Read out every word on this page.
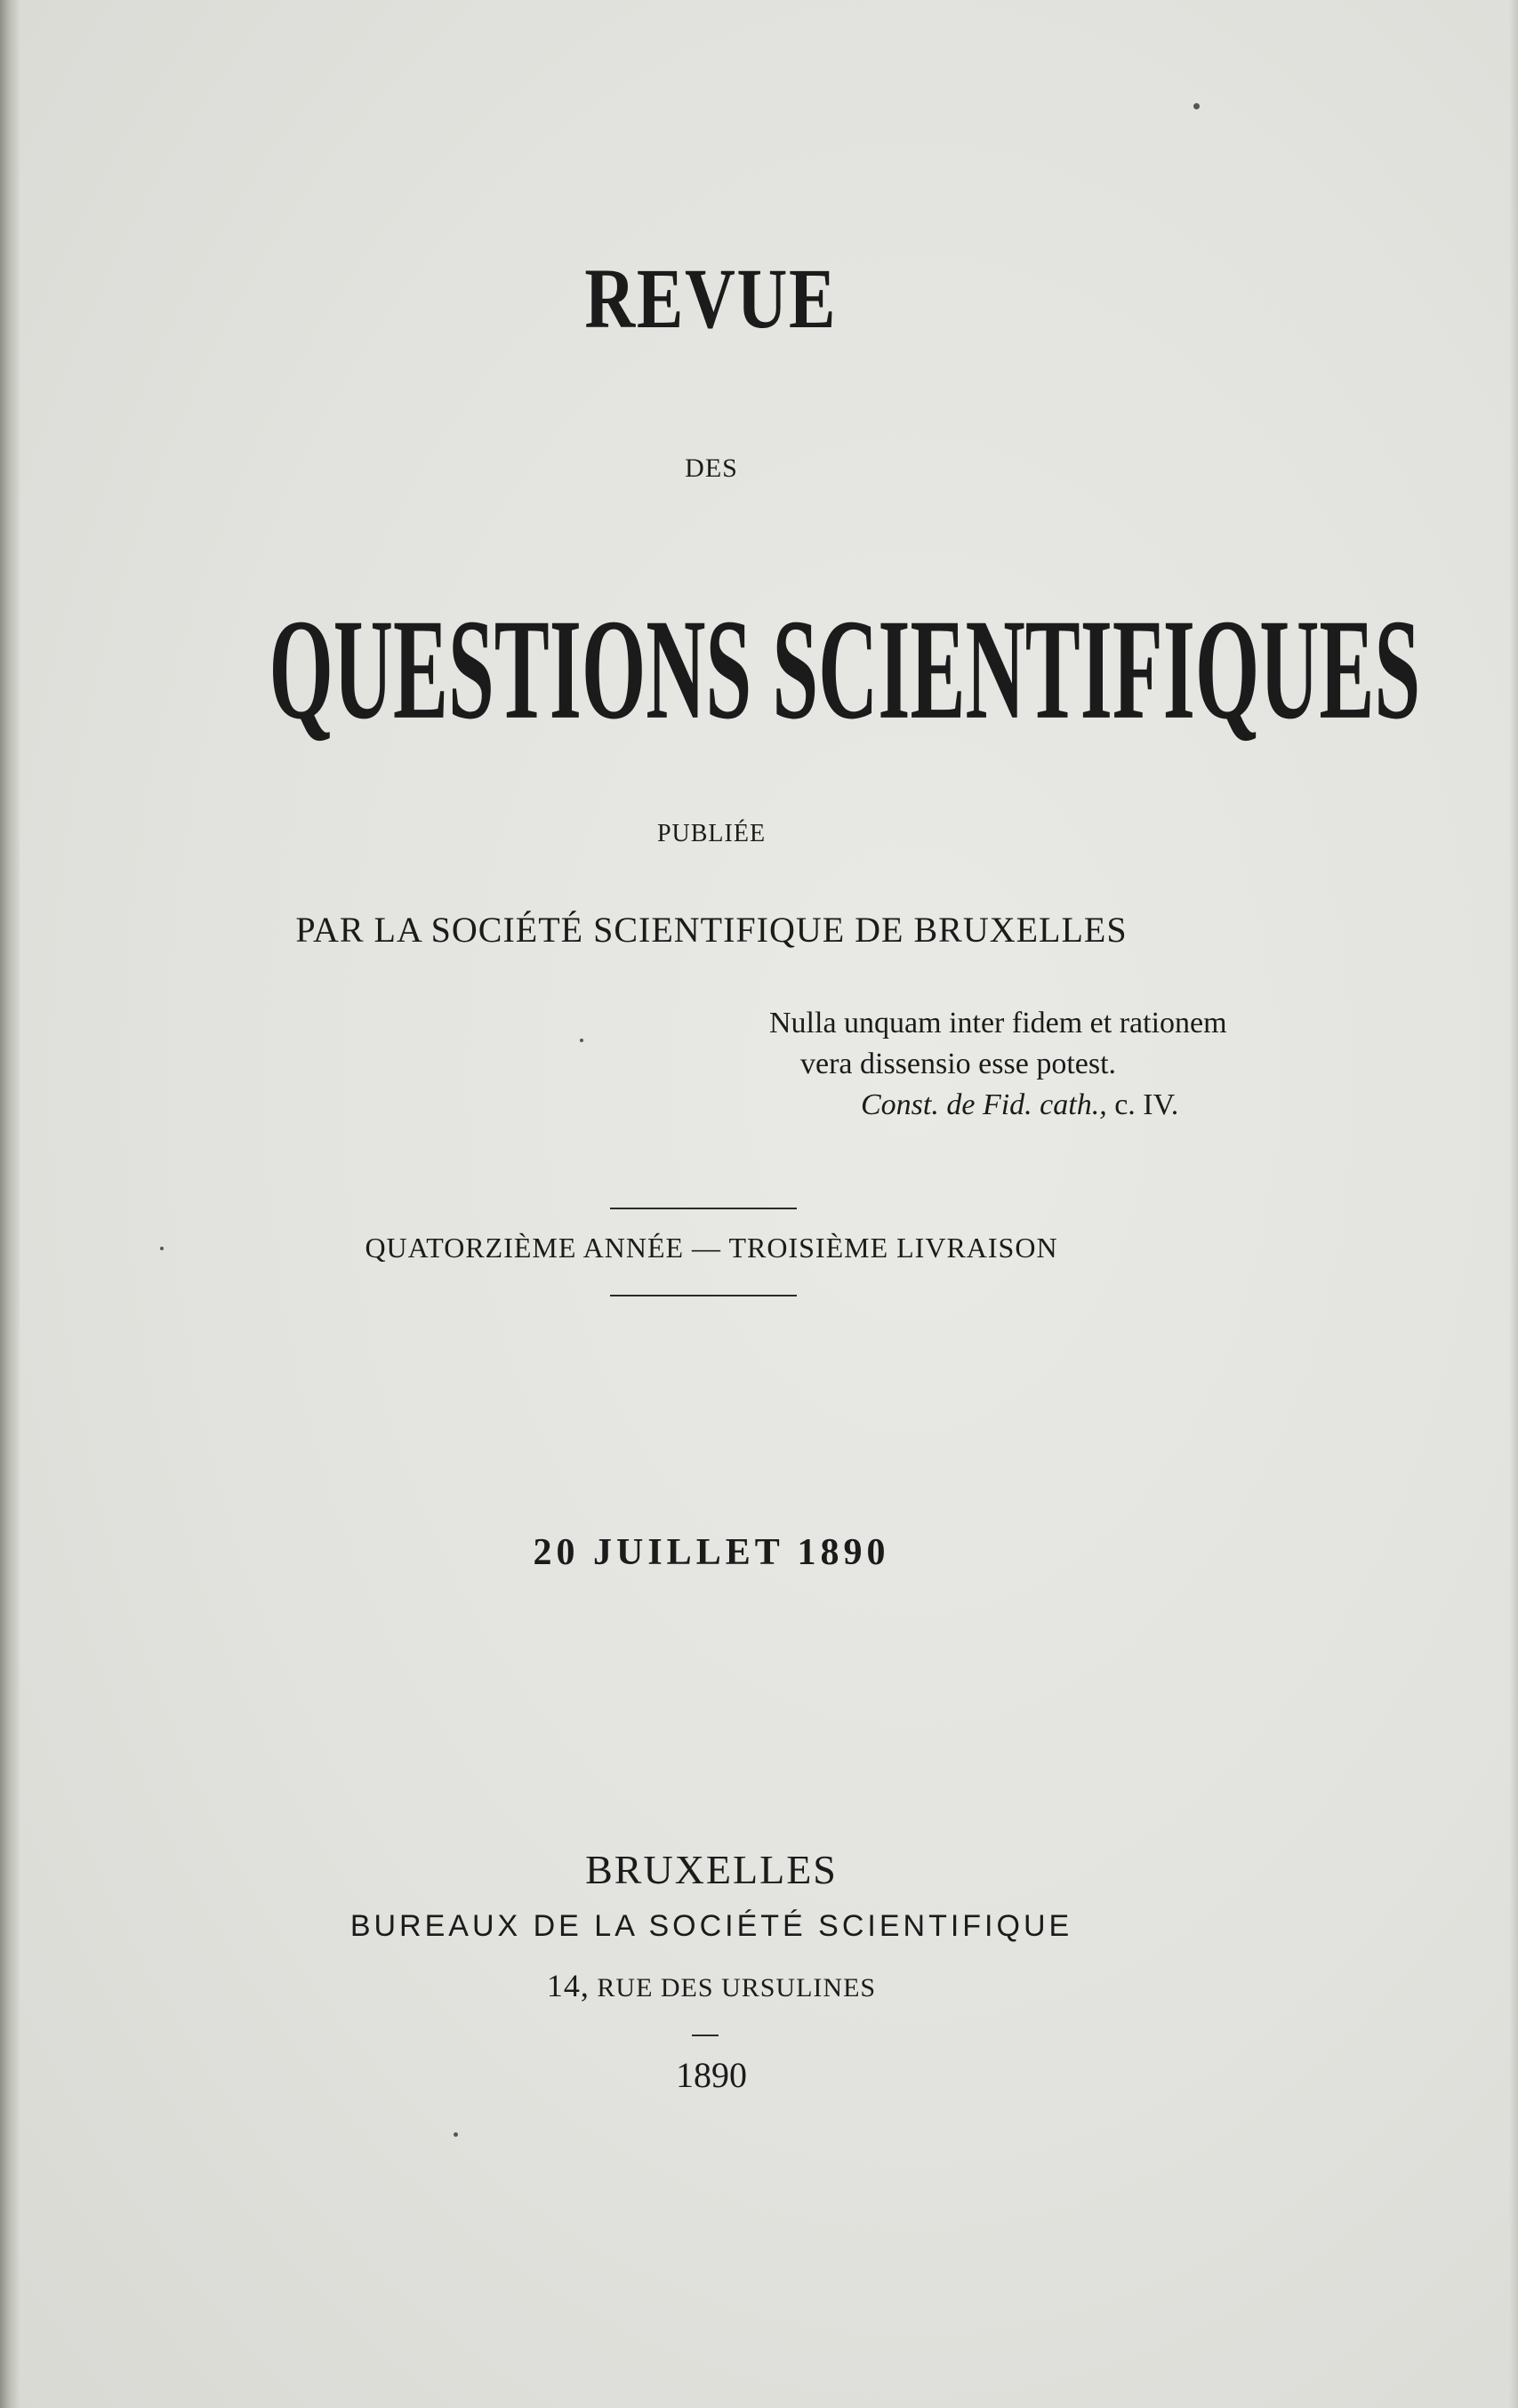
REVUE
DES
QUESTIONS SCIENTIFIQUES
PUBLIÉE
PAR LA SOCIÉTÉ SCIENTIFIQUE DE BRUXELLES
Nulla unquam inter fidem et rationem
vera dissensio esse potest.
Const. de Fid. cath., c. IV.
QUATORZIÈME ANNÉE — TROISIÈME LIVRAISON
20 JUILLET 1890
BRUXELLES
BUREAUX DE LA SOCIÉTÉ SCIENTIFIQUE
14, RUE DES URSULINES
1890
